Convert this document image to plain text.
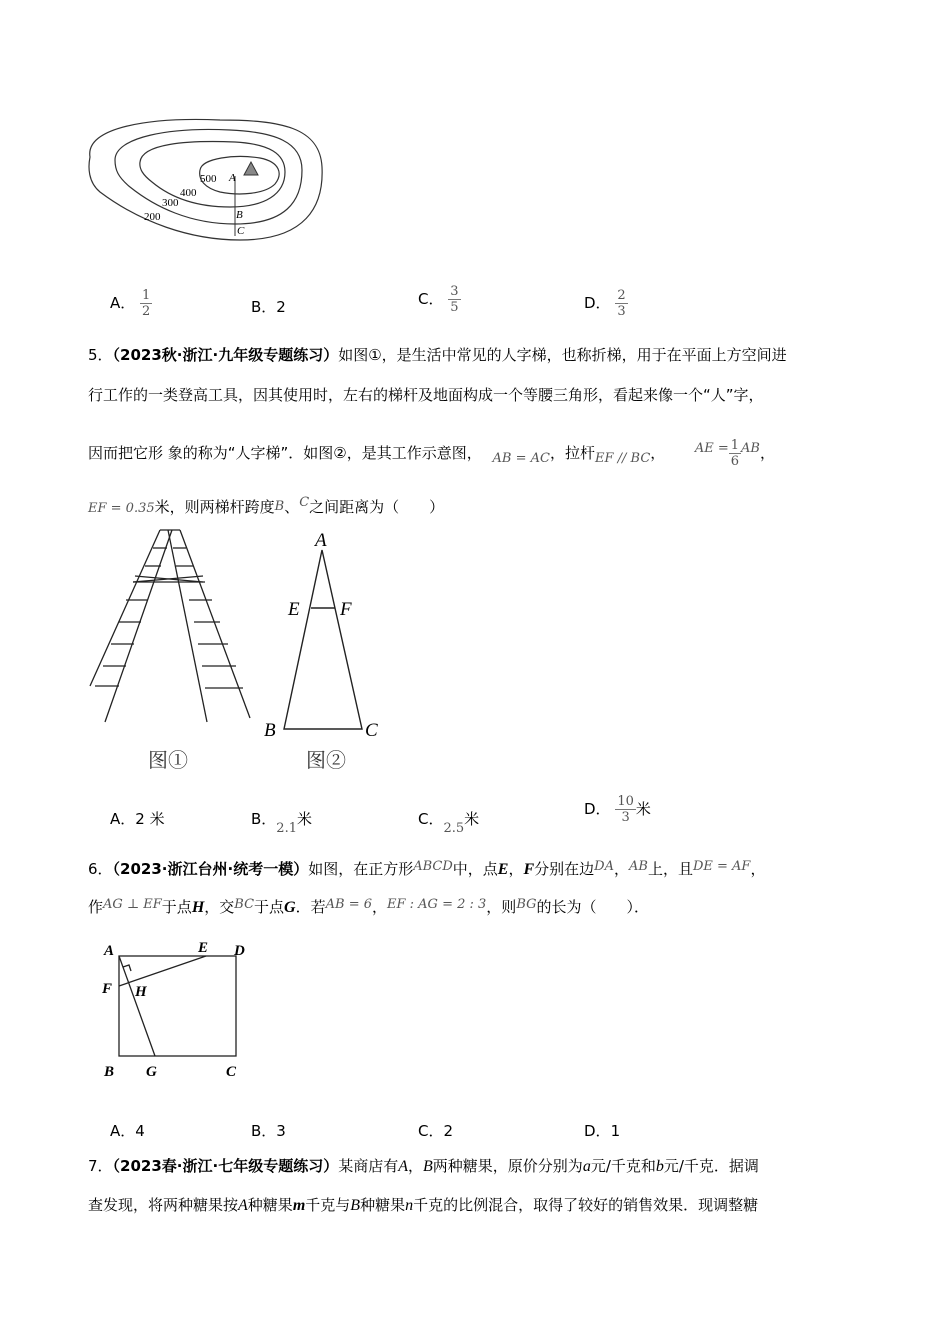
500
400
300
200
A
B
C
A． $\frac{1}{2}$	B．2	C． $\frac{3}{5}$	D． $\frac{2}{3}$
5．（2023秋·浙江·九年级专题练习）如图①，是生活中常见的人字梯，也称折梯，用于在平面上方空间进
行工作的一类登高工具，因其使用时，左右的梯杆及地面构成一个等腰三角形，看起来像一个“人”字，
因而把它形 象的称为“人字梯”．如图②，是其工作示意图， AB = AC，拉杆EF // BC， AE = $\frac{1}{6}$ AB，
EF = 0.35米，则两梯杆跨度B、C之间距离为（　　）
图①
A
E F
B	C
图②
A．2 米	B．2.1米	C．2.5米
D． $\frac{10}{3}$ 米
6．（2023·浙江台州·统考一模）如图，在正方形ABCD中，点E，F分别在边DA，AB上，且DE = AF，
作AG ⊥ EF于点H，交BC于点G．若AB = 6，EF : AG = 2 : 3，则BG的长为（　　）．
A	E D
F H
B G	C
A．4	B．3	C．2	D．1
7．（2023春·浙江·七年级专题练习）某商店有A，B两种糖果，原价分别为a元/千克和b元/千克．据调
查发现，将两种糖果按A种糖果m千克与B种糖果n千克的比例混合，取得了较好的销售效果．现调整糖
